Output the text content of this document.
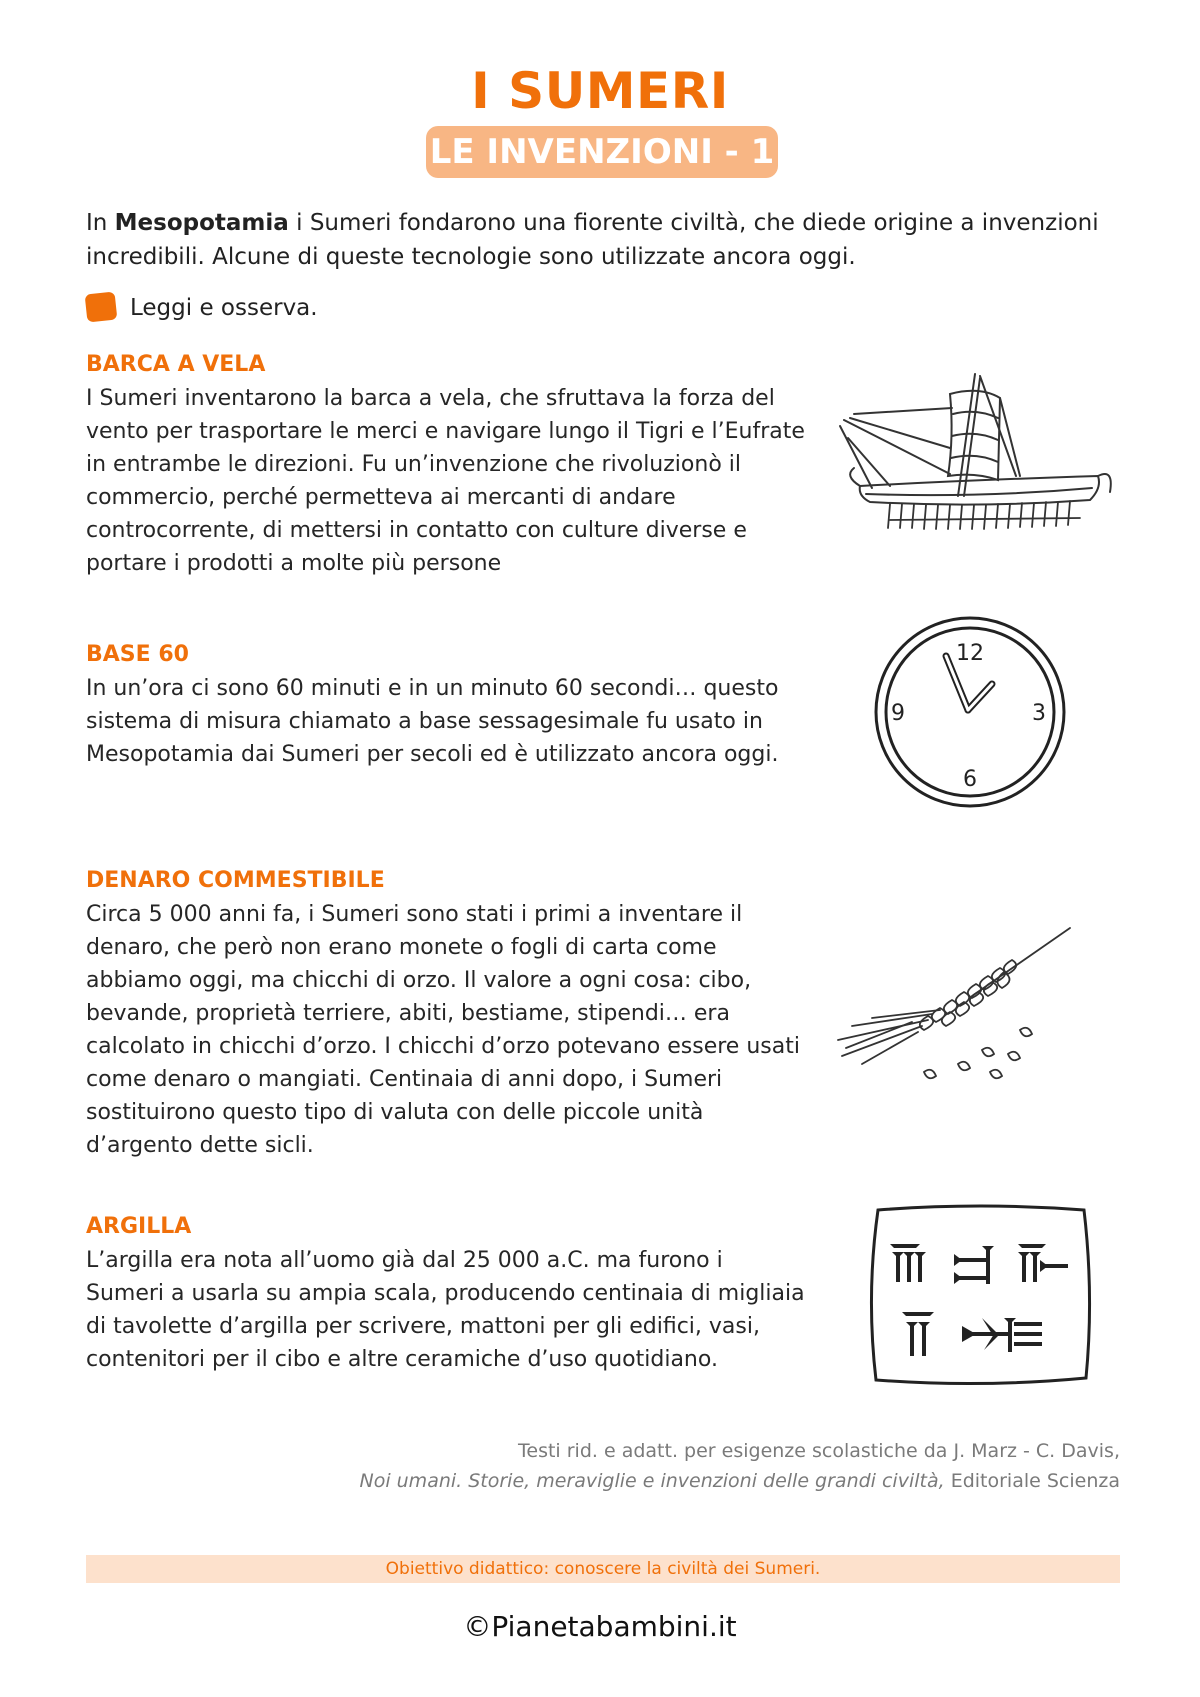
I SUMERI
LE INVENZIONI - 1
In Mesopotamia i Sumeri fondarono una fiorente civiltà, che diede origine a invenzioni incredibili. Alcune di queste tecnologie sono utilizzate ancora oggi.
Leggi e osserva.
BARCA A VELA

I Sumeri inventarono la barca a vela, che sfruttava la forza del vento per trasportare le merci e navigare lungo il Tigri e l’Eufrate in entrambe le direzioni. Fu un’invenzione che rivoluzionò il commercio, perché permetteva ai mercanti di andare controcorrente, di mettersi in contatto con culture diverse e portare i prodotti a molte più persone

BASE 60

In un’ora ci sono 60 minuti e in un minuto 60 secondi… questo sistema di misura chiamato a base sessagesimale fu usato in Mesopotamia dai Sumeri per secoli ed è utilizzato ancora oggi.

12
3
6
9
DENARO COMMESTIBILE

Circa 5 000 anni fa, i Sumeri sono stati i primi a inventare il denaro, che però non erano monete o fogli di carta come abbiamo oggi, ma chicchi di orzo. Il valore a ogni cosa: cibo, bevande, proprietà terriere, abiti, bestiame, stipendi… era calcolato in chicchi d’orzo. I chicchi d’orzo potevano essere usati come denaro o mangiati. Centinaia di anni dopo, i Sumeri sostituirono questo tipo di valuta con delle piccole unità d’argento dette sicli.

ARGILLA

L’argilla era nota all’uomo già dal 25 000 a.C. ma furono i Sumeri a usarla su ampia scala, producendo centinaia di migliaia di tavolette d’argilla per scrivere, mattoni per gli edifici, vasi, contenitori per il cibo e altre ceramiche d’uso quotidiano.

Testi rid. e adatt. per esigenze scolastiche da J. Marz - C. Davis,
Noi umani. Storie, meraviglie e invenzioni delle grandi civiltà, Editoriale Scienza
Obiettivo didattico: conoscere la civiltà dei Sumeri.
©Pianetabambini.it
